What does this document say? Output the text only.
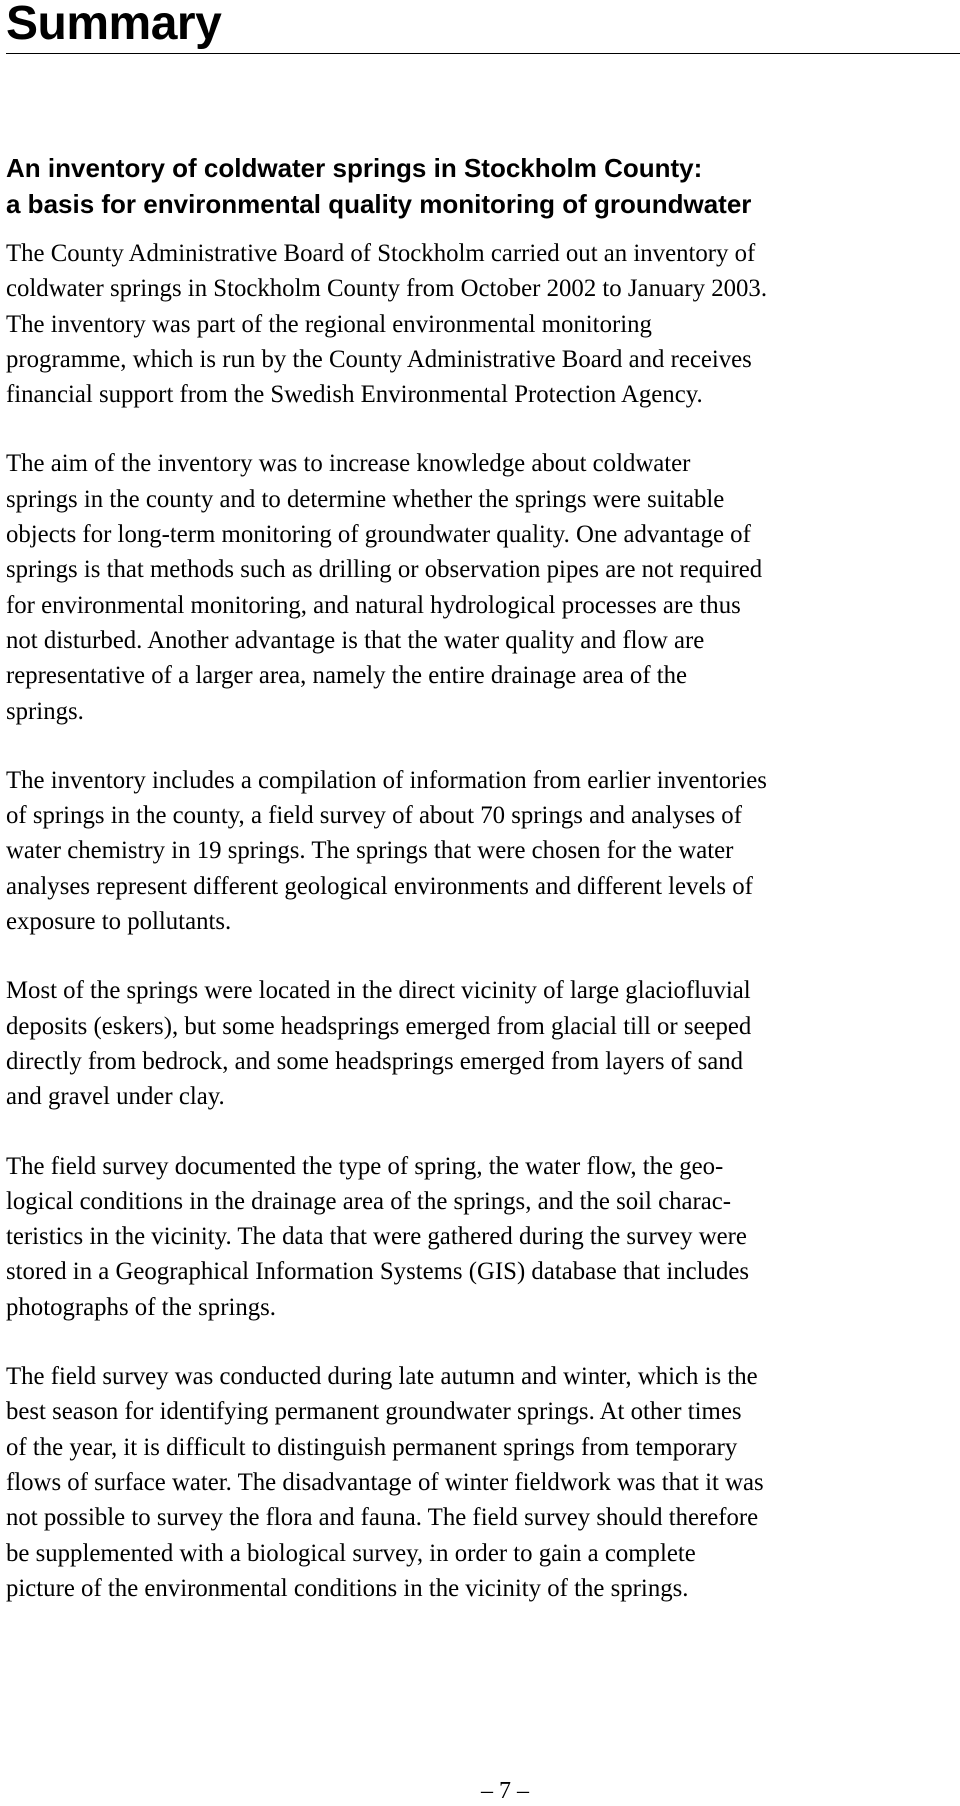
Summary
An inventory of coldwater springs in Stockholm County:
a basis for environmental quality monitoring of groundwater

The County Administrative Board of Stockholm carried out an inventory of
coldwater springs in Stockholm County from October 2002 to January 2003.
The inventory was part of the regional environmental monitoring
programme, which is run by the County Administrative Board and receives
financial support from the Swedish Environmental Protection Agency.

The aim of the inventory was to increase knowledge about coldwater
springs in the county and to determine whether the springs were suitable
objects for long-term monitoring of groundwater quality. One advantage of
springs is that methods such as drilling or observation pipes are not required
for environmental monitoring, and natural hydrological processes are thus
not disturbed. Another advantage is that the water quality and flow are
representative of a larger area, namely the entire drainage area of the
springs.

The inventory includes a compilation of information from earlier inventories
of springs in the county, a field survey of about 70 springs and analyses of
water chemistry in 19 springs. The springs that were chosen for the water
analyses represent different geological environments and different levels of
exposure to pollutants.

Most of the springs were located in the direct vicinity of large glaciofluvial
deposits (eskers), but some headsprings emerged from glacial till or seeped
directly from bedrock, and some headsprings emerged from layers of sand
and gravel under clay.

The field survey documented the type of spring, the water flow, the geo-
logical conditions in the drainage area of the springs, and the soil charac-
teristics in the vicinity. The data that were gathered during the survey were
stored in a Geographical Information Systems (GIS) database that includes
photographs of the springs.

The field survey was conducted during late autumn and winter, which is the
best season for identifying permanent groundwater springs. At other times
of the year, it is difficult to distinguish permanent springs from temporary
flows of surface water. The disadvantage of winter fieldwork was that it was
not possible to survey the flora and fauna. The field survey should therefore
be supplemented with a biological survey, in order to gain a complete
picture of the environmental conditions in the vicinity of the springs.

– 7 –
